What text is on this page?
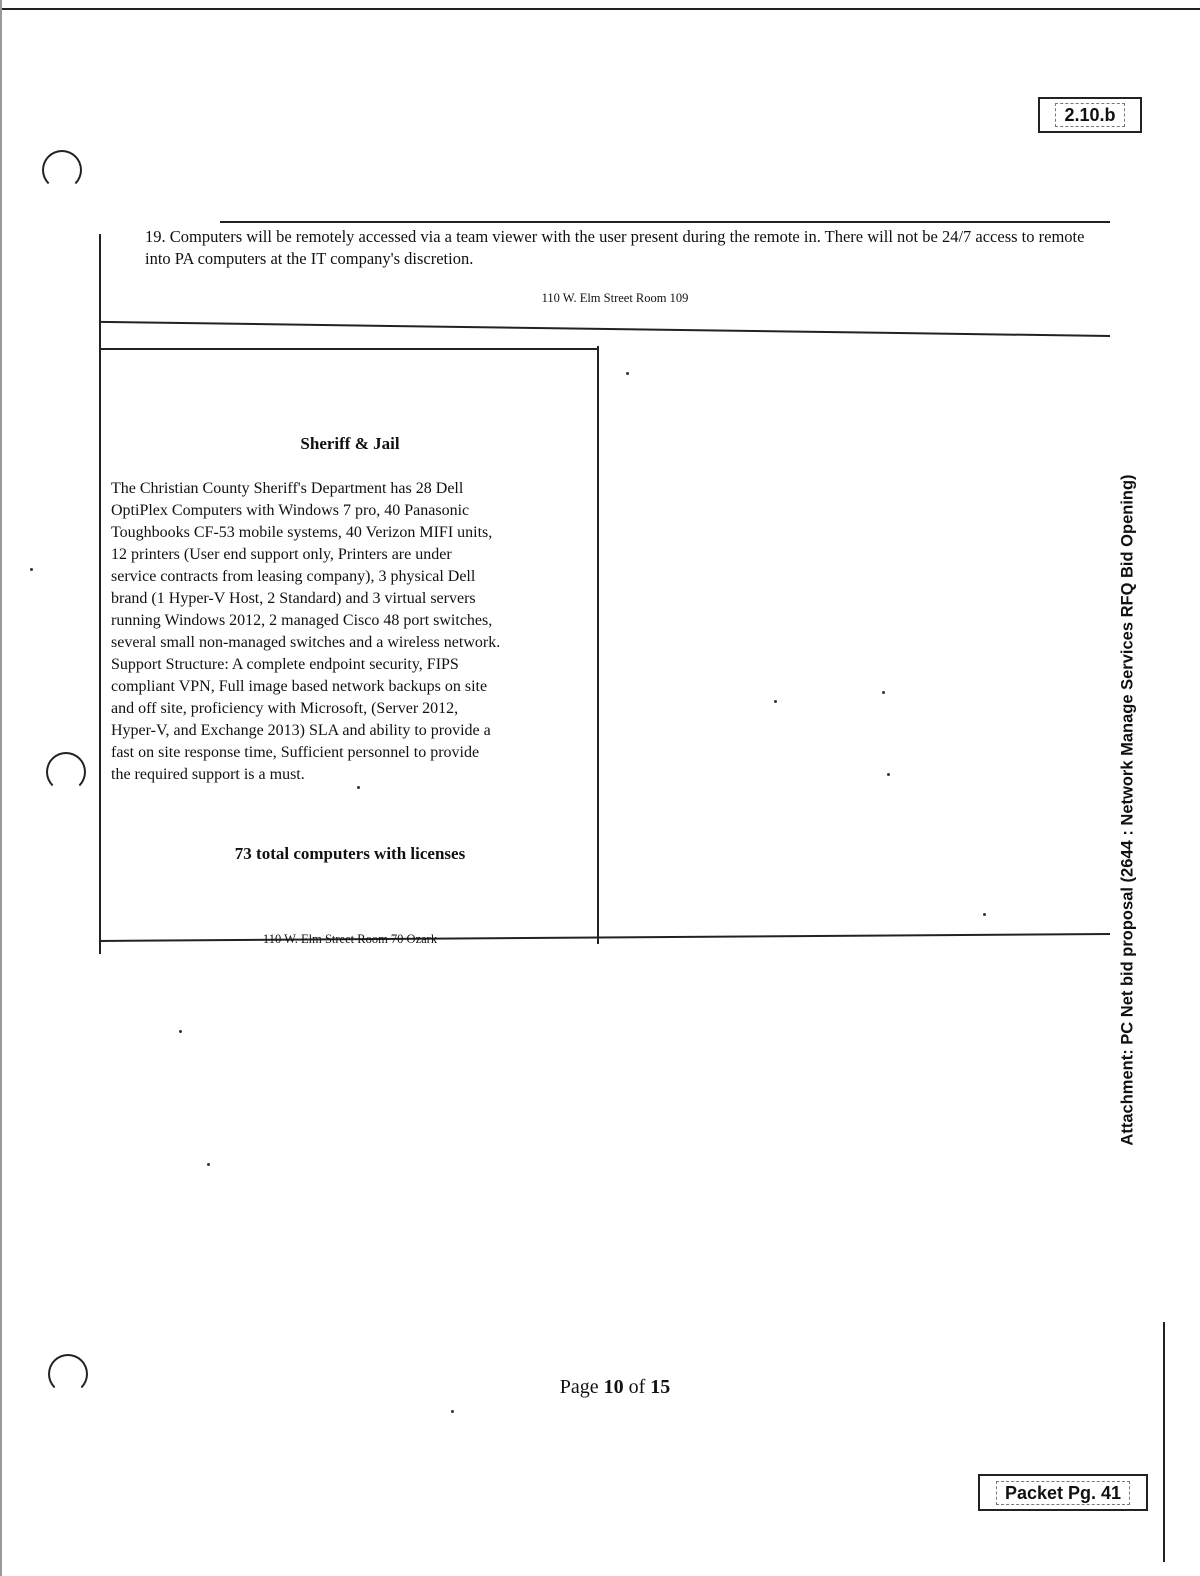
2.10.b
19. Computers will be remotely accessed via a team viewer with the user present during the remote in. There will not be 24/7 access to remote into PA computers at the IT company's discretion.
110 W. Elm Street Room 109
Sheriff & Jail
The Christian County Sheriff's Department has 28 Dell
OptiPlex Computers with Windows 7 pro, 40 Panasonic
Toughbooks CF-53 mobile systems, 40 Verizon MIFI units,
12 printers (User end support only, Printers are under
service contracts from leasing company), 3 physical Dell
brand (1 Hyper-V Host, 2 Standard) and 3 virtual servers
running Windows 2012, 2 managed Cisco 48 port switches,
several small non-managed switches and a wireless network.
Support Structure: A complete endpoint security, FIPS
compliant VPN, Full image based network backups on site
and off site, proficiency with Microsoft, (Server 2012,
Hyper-V, and Exchange 2013) SLA and ability to provide a
fast on site response time, Sufficient personnel to provide
the required support is a must.
73 total computers with licenses
110 W. Elm Street Room 70 Ozark	Attachment: PC Net bid proposal (2644 : Network Manage Services RFQ Bid Opening)
Page 10 of 15
Packet Pg. 41
